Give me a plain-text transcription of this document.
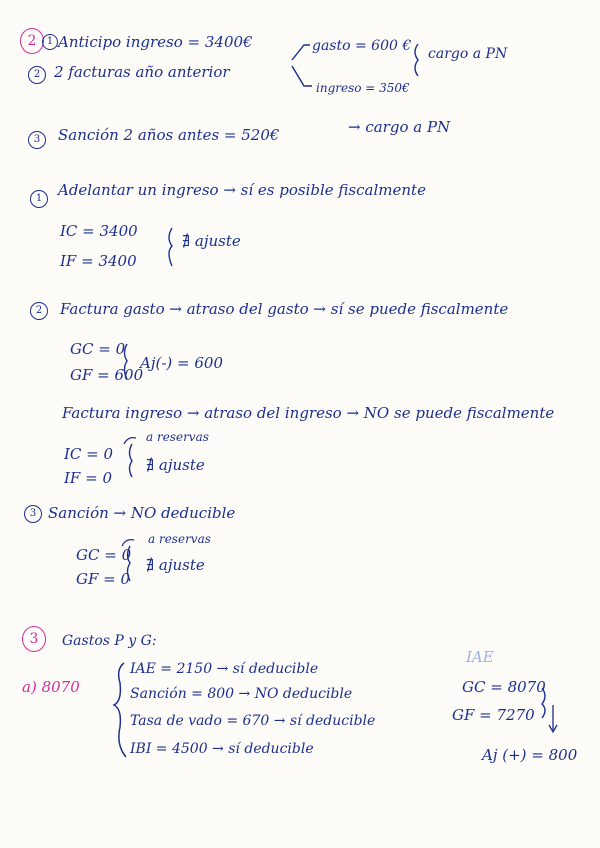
2	1 Anticipo ingreso = 3400€
2 2 facturas año anterior
gasto = 600 €
ingreso = 350€
cargo a PN
3	Sanción 2 años antes = 520€	→ cargo a PN
1	Adelantar un ingreso → sí es posible fiscalmente
IC = 3400
IF = 3400
∄ ajuste
2	Factura gasto → atraso del gasto → sí se puede fiscalmente
GC = 0
GF = 600
Aj(-) = 600
Factura ingreso → atraso del ingreso → NO se puede fiscalmente
a reservas
IC = 0
IF = 0
∄ ajuste
3 Sanción → NO deducible
a reservas
GC = 0
GF = 0
∄ ajuste
3	Gastos P y G:
a) 8070
IAE = 2150 → sí deducible
Sanción = 800 → NO deducible
Tasa de vado = 670 → sí deducible
IBI = 4500 → sí deducible
IAE
GC = 8070
GF = 7270
Aj (+) = 800
